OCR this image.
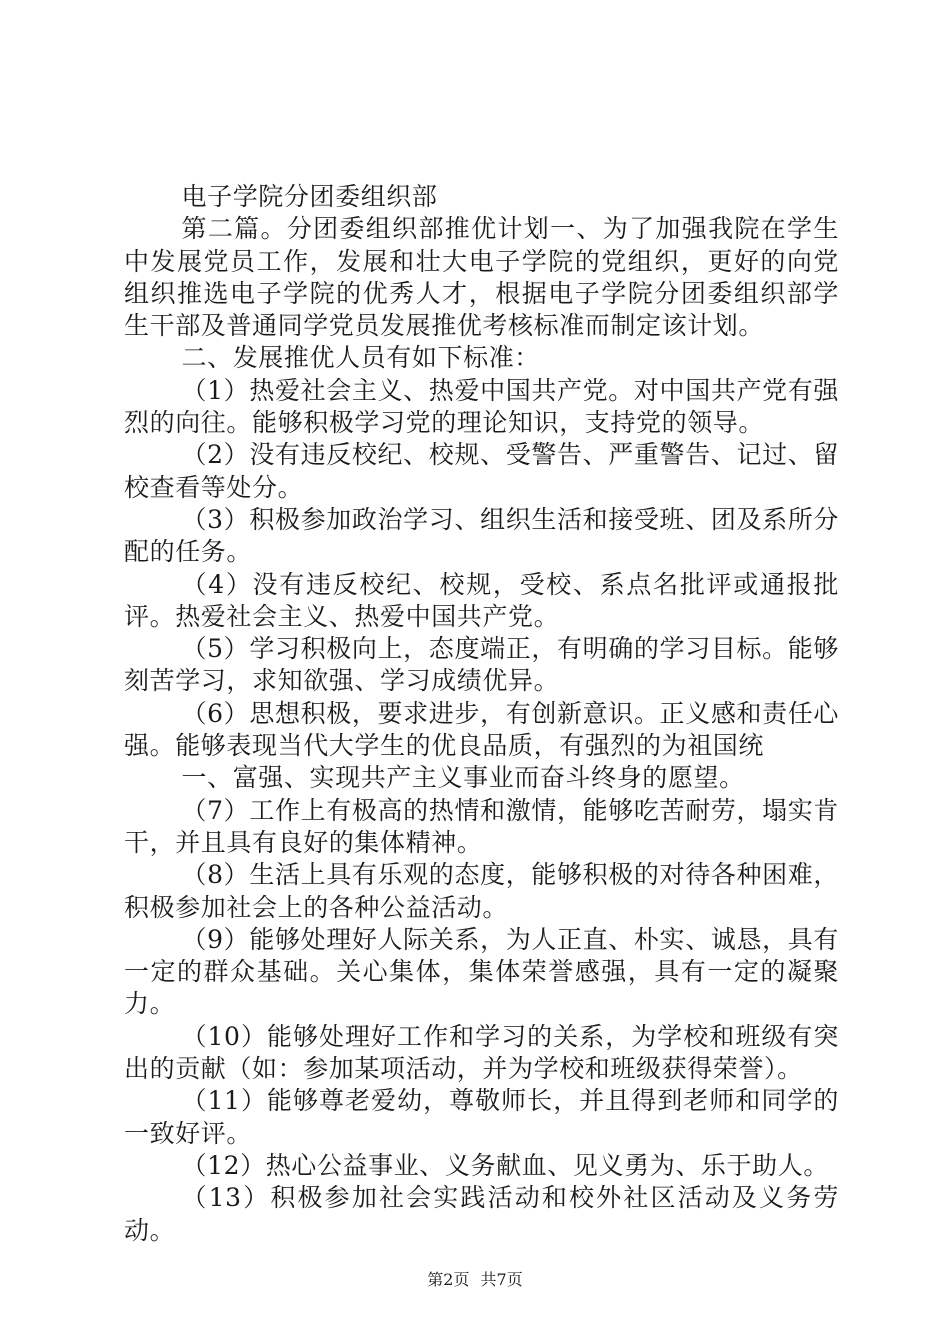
电子学院分团委组织部

第二篇。分团委组织部推优计划一、为了加强我院在学生中发展党员工作，发展和壮大电子学院的党组织，更好的向党组织推选电子学院的优秀人才，根据电子学院分团委组织部学生干部及普通同学党员发展推优考核标准而制定该计划。

二、发展推优人员有如下标准：

（1）热爱社会主义、热爱中国共产党。对中国共产党有强烈的向往。能够积极学习党的理论知识，支持党的领导。

（2）没有违反校纪、校规、受警告、严重警告、记过、留校查看等处分。

（3）积极参加政治学习、组织生活和接受班、团及系所分配的任务。

（4）没有违反校纪、校规，受校、系点名批评或通报批评。热爱社会主义、热爱中国共产党。

（5）学习积极向上，态度端正，有明确的学习目标。能够刻苦学习，求知欲强、学习成绩优异。

（6）思想积极，要求进步，有创新意识。正义感和责任心强。能够表现当代大学生的优良品质，有强烈的为祖国统

一、富强、实现共产主义事业而奋斗终身的愿望。

（7）工作上有极高的热情和激情，能够吃苦耐劳，塌实肯干，并且具有良好的集体精神。

（8）生活上具有乐观的态度，能够积极的对待各种困难，积极参加社会上的各种公益活动。

（9）能够处理好人际关系，为人正直、朴实、诚恳，具有一定的群众基础。关心集体，集体荣誉感强，具有一定的凝聚力。

（10）能够处理好工作和学习的关系，为学校和班级有突出的贡献（如：参加某项活动，并为学校和班级获得荣誉）。

（11）能够尊老爱幼，尊敬师长，并且得到老师和同学的一致好评。

（12）热心公益事业、义务献血、见义勇为、乐于助人。

（13）积极参加社会实践活动和校外社区活动及义务劳动。

第2页 共7页
